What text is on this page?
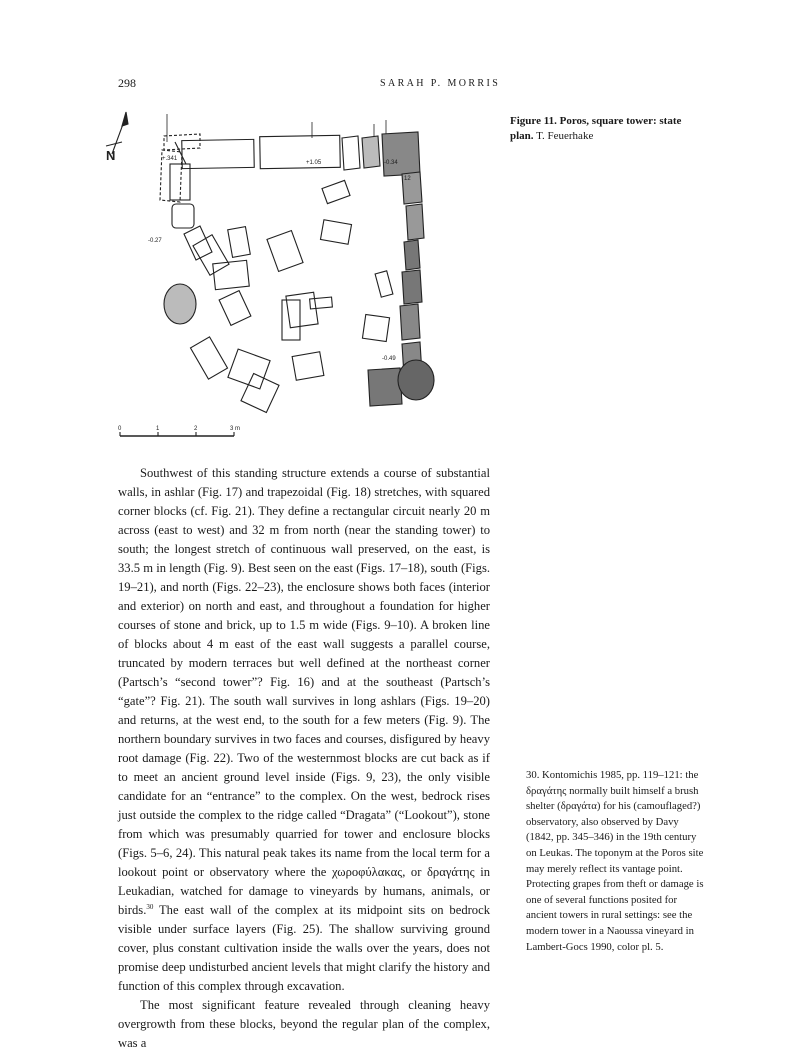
298	SARAH P. MORRIS
N	+.341
-0.27
+1.05	-0.34
-0.49
12
0	1	2	3 m
Figure 11. Poros, square tower: state plan. T. Feuerhake

Southwest of this standing structure extends a course of substantial walls, in ashlar (Fig. 17) and trapezoidal (Fig. 18) stretches, with squared corner blocks (cf. Fig. 21). They define a rectangular circuit nearly 20 m across (east to west) and 32 m from north (near the standing tower) to south; the longest stretch of continuous wall preserved, on the east, is 33.5 m in length (Fig. 9). Best seen on the east (Figs. 17–18), south (Figs. 19–21), and north (Figs. 22–23), the enclosure shows both faces (interior and exterior) on north and east, and throughout a foundation for higher courses of stone and brick, up to 1.5 m wide (Figs. 9–10). A broken line of blocks about 4 m east of the east wall suggests a parallel course, truncated by modern terraces but well defined at the northeast corner (Partsch’s “second tower”? Fig. 16) and at the southeast (Partsch’s “gate”? Fig. 21). The south wall survives in long ashlars (Figs. 19–20) and returns, at the west end, to the south for a few meters (Fig. 9). The northern boundary survives in two faces and courses, disfigured by heavy root damage (Fig. 22). Two of the westernmost blocks are cut back as if to meet an ancient ground level inside (Figs. 9, 23), the only visible candidate for an “entrance” to the complex. On the west, bedrock rises just outside the complex to the ridge called “Dragata” (“Lookout”), stone from which was presumably quarried for tower and enclosure blocks (Figs. 5–6, 24). This natural peak takes its name from the local term for a lookout point or observatory where the χωροφύλακας, or δραγάτης in Leukadian, watched for damage to vineyards by humans, animals, or birds.$^{30}$ The east wall of the complex at its midpoint sits on bedrock visible under surface layers (Fig. 25). The shallow surviving ground cover, plus constant cultivation inside the walls over the years, does not promise deep undisturbed ancient levels that might clarify the history and function of this complex through excavation.

The most significant feature revealed through cleaning heavy overgrowth from these blocks, beyond the regular plan of the complex, was a

30. Kontomichis 1985, pp. 119–121: the δραγάτης normally built himself a brush shelter (δραγάτα) for his (camouflaged?) observatory, also observed by Davy (1842, pp. 345–346) in the 19th century on Leukas. The toponym at the Poros site may merely reflect its vantage point. Protecting grapes from theft or damage is one of several functions posited for ancient towers in rural settings: see the modern tower in a Naoussa vineyard in Lambert-Gocs 1990, color pl. 5.
